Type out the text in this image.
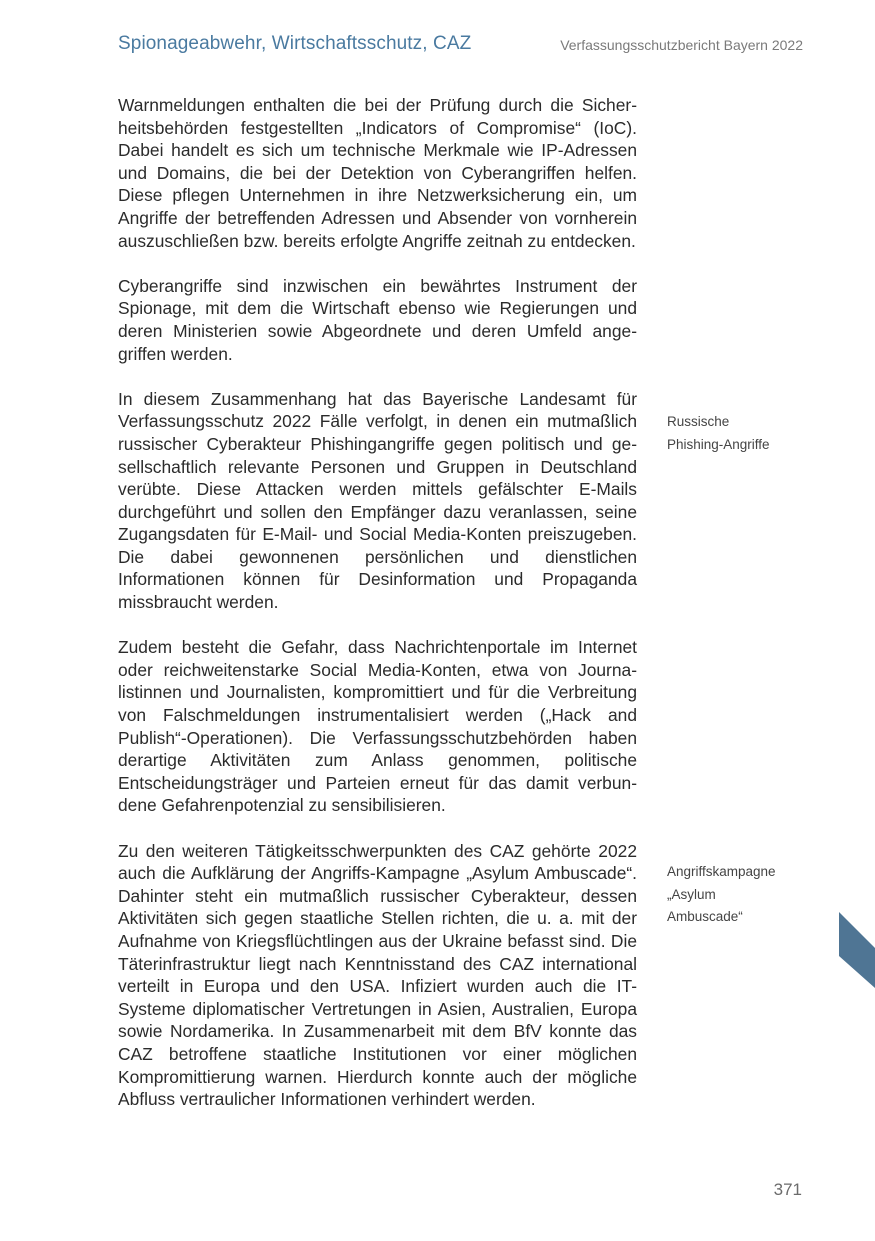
Spionageabwehr, Wirtschaftsschutz, CAZ	Verfassungsschutzbericht Bayern 2022

Warnmeldungen enthalten die bei der Prüfung durch die Sicherheitsbehörden festgestellten „Indicators of Compromise“ (IoC). Dabei handelt es sich um technische Merkmale wie IP-Adressen und Domains, die bei der Detektion von Cyberangriffen helfen. Diese pflegen Unternehmen in ihre Netzwerksicherung ein, um Angriffe der betreffenden Adressen und Absender von vornherein auszuschließen bzw. bereits erfolgte Angriffe zeitnah zu entdecken.

Cyberangriffe sind inzwischen ein bewährtes Instrument der Spionage, mit dem die Wirtschaft ebenso wie Regierungen und deren Ministerien sowie Abgeordnete und deren Umfeld angegriffen werden.

In diesem Zusammenhang hat das Bayerische Landesamt für Verfassungsschutz 2022 Fälle verfolgt, in denen ein mutmaßlich russischer Cyberakteur Phishingangriffe gegen politisch und gesellschaftlich relevante Personen und Gruppen in Deutschland verübte. Diese Attacken werden mittels gefälschter E-Mails durchgeführt und sollen den Empfänger dazu veranlassen, seine Zugangsdaten für E-Mail- und Social Media-Konten preiszugeben. Die dabei gewonnenen persönlichen und dienstlichen Informationen können für Desinformation und Propaganda missbraucht werden.

Zudem besteht die Gefahr, dass Nachrichtenportale im Internet oder reichweitenstarke Social Media-Konten, etwa von Journalistinnen und Journalisten, kompromittiert und für die Verbreitung von Falschmeldungen instrumentalisiert werden („Hack and Publish“-Operationen). Die Verfassungsschutzbehörden haben derartige Aktivitäten zum Anlass genommen, politische Entscheidungsträger und Parteien erneut für das damit verbundene Gefahrenpotenzial zu sensibilisieren.

Zu den weiteren Tätigkeitsschwerpunkten des CAZ gehörte 2022 auch die Aufklärung der Angriffs-Kampagne „Asylum Ambuscade“. Dahinter steht ein mutmaßlich russischer Cyberakteur, dessen Aktivitäten sich gegen staatliche Stellen richten, die u. a. mit der Aufnahme von Kriegsflüchtlingen aus der Ukraine befasst sind. Die Täterinfrastruktur liegt nach Kenntnisstand des CAZ international verteilt in Europa und den USA. Infiziert wurden auch die IT-Systeme diplomatischer Vertretungen in Asien, Australien, Europa sowie Nordamerika. In Zusammenarbeit mit dem BfV konnte das CAZ betroffene staatliche Institutionen vor einer möglichen Kompromittierung warnen. Hierdurch konnte auch der mögliche Abfluss vertraulicher Informationen verhindert werden.

Russische
Phishing-Angriffe
Angriffskampagne
„Asylum
Ambuscade“
371
